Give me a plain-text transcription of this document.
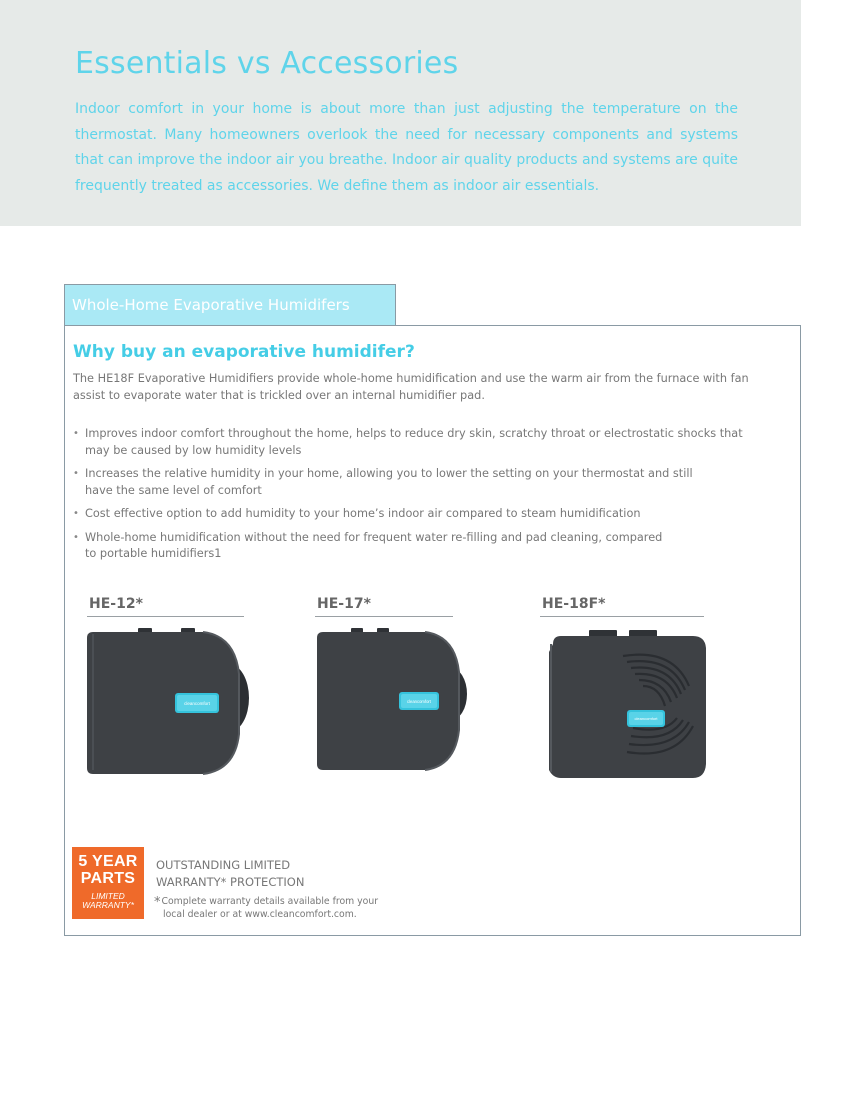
Essentials vs Accessories

Indoor comfort in your home is about more than just adjusting the temperature on the thermostat. Many homeowners overlook the need for necessary components and systems that can improve the indoor air you breathe. Indoor air quality products and systems are quite frequently treated as accessories. We define them as indoor air essentials.

Whole-Home Evaporative Humidifers
Why buy an evaporative humidifer?

The HE18F Evaporative Humidifiers provide whole-home humidification and use the warm air from the furnace with fan assist to evaporate water that is trickled over an internal humidifier pad.

• Improves indoor comfort throughout the home, helps to reduce dry skin, scratchy throat or electrostatic shocks that
may be caused by low humidity levels
• Increases the relative humidity in your home, allowing you to lower the setting on your thermostat and still
have the same level of comfort
• Cost effective option to add humidity to your home’s indoor air compared to steam humidification
• Whole-home humidification without the need for frequent water re-filling and pad cleaning, compared
to portable humidifiers1
HE-12*
cleancomfort
HE-17*
cleancomfort
HE-18F*
cleancomfort
5 YEAR
PARTS
LIMITED
WARRANTY*
OUTSTANDING LIMITED
WARRANTY* PROTECTION
*Complete warranty details available from your
local dealer or at www.cleancomfort.com.
